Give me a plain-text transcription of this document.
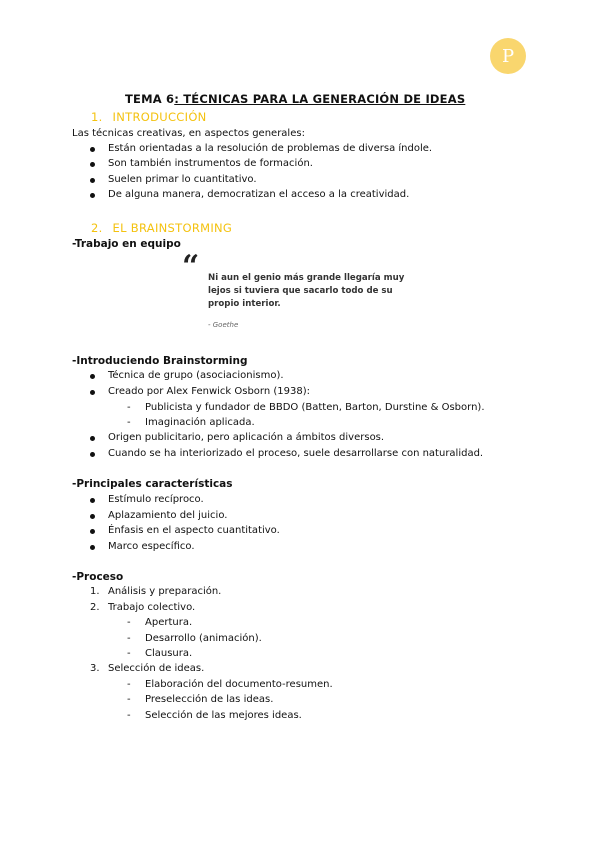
P
TEMA 6: TÉCNICAS PARA LA GENERACIÓN DE IDEAS
1. INTRODUCCIÓN
Las técnicas creativas, en aspectos generales:
Están orientadas a la resolución de problemas de diversa índole.
Son también instrumentos de formación.
Suelen primar lo cuantitativo.
De alguna manera, democratizan el acceso a la creatividad.
2. EL BRAINSTORMING
-Trabajo en equipo
“ Ni aun el genio más grande llegaría muy lejos si tuviera que sacarlo todo de su propio interior.
- Goethe
-Introduciendo Brainstorming
Técnica de grupo (asociacionismo).
Creado por Alex Fenwick Osborn (1938):
- Publicista y fundador de BBDO (Batten, Barton, Durstine & Osborn).
- Imaginación aplicada.
Origen publicitario, pero aplicación a ámbitos diversos.
Cuando se ha interiorizado el proceso, suele desarrollarse con naturalidad.
-Principales características
Estímulo recíproco.
Aplazamiento del juicio.
Énfasis en el aspecto cuantitativo.
Marco específico.
-Proceso
1. Análisis y preparación.
2. Trabajo colectivo.
- Apertura.
- Desarrollo (animación).
- Clausura.
3. Selección de ideas.
- Elaboración del documento-resumen.
- Preselección de las ideas.
- Selección de las mejores ideas.
